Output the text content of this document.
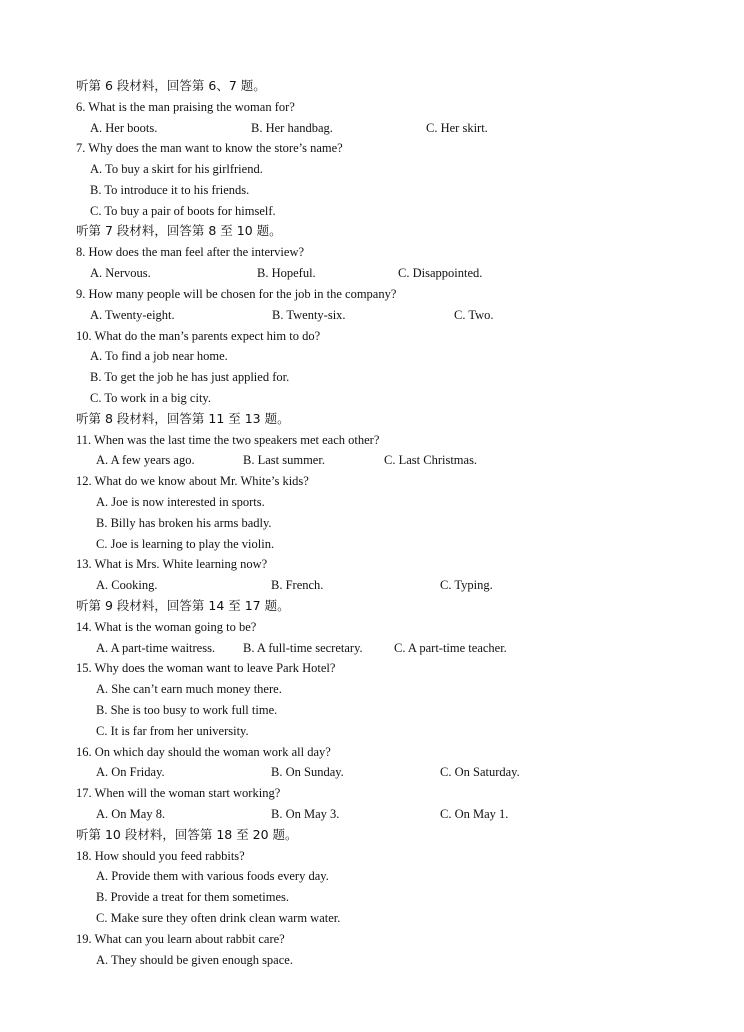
听第 6 段材料，回答第 6、7 题。
6. What is the man praising the woman for?
A. Her boots.	B. Her handbag.	C. Her skirt.
7. Why does the man want to know the store’s name?
A. To buy a skirt for his girlfriend.
B. To introduce it to his friends.
C. To buy a pair of boots for himself.
听第 7 段材料，回答第 8 至 10 题。
8. How does the man feel after the interview?
A. Nervous.	B. Hopeful.	C. Disappointed.
9. How many people will be chosen for the job in the company?
A. Twenty-eight.	B. Twenty-six.	C. Two.
10. What do the man’s parents expect him to do?
A. To find a job near home.
B. To get the job he has just applied for.
C. To work in a big city.
听第 8 段材料，回答第 11 至 13 题。
11. When was the last time the two speakers met each other?
A. A few years ago.	B. Last summer.	C. Last Christmas.
12. What do we know about Mr. White’s kids?
A. Joe is now interested in sports.
B. Billy has broken his arms badly.
C. Joe is learning to play the violin.
13. What is Mrs. White learning now?
A. Cooking.	B. French.	C. Typing.
听第 9 段材料，回答第 14 至 17 题。
14. What is the woman going to be?
A. A part-time waitress. B. A full-time secretary.	C. A part-time teacher.
15. Why does the woman want to leave Park Hotel?
A. She can’t earn much money there.
B. She is too busy to work full time.
C. It is far from her university.
16. On which day should the woman work all day?
A. On Friday.	B. On Sunday.	C. On Saturday.
17. When will the woman start working?
A. On May 8.	B. On May 3.	C. On May 1.
听第 10 段材料，回答第 18 至 20 题。
18. How should you feed rabbits?
A. Provide them with various foods every day.
B. Provide a treat for them sometimes.
C. Make sure they often drink clean warm water.
19. What can you learn about rabbit care?
A. They should be given enough space.
